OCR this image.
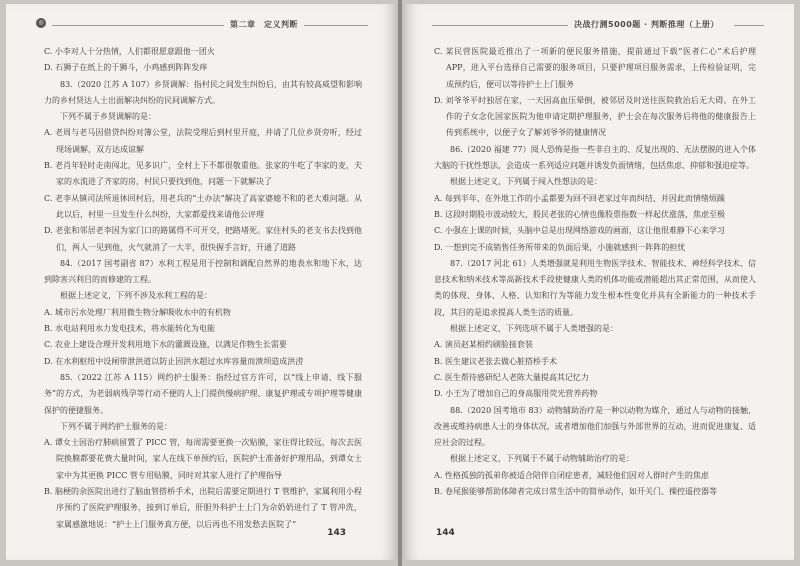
◎	第二章　定义判断

C. 小李对人十分热情，人们都很愿意跟他一团火

D. 石狮子在纸上的于狮斗，小鸡感到阵阵发痒

83.（2020 江苏 A 107）乡贤调解：指村民之间发生纠纷后，由其有较高威望和影响力的乡村贤达人士出面解决纠纷的民间调解方式。

下列不属于乡贤调解的是：

A. 老周与老马因借贷纠纷对簿公堂，法院受理后到村里开庭，并请了几位乡贤旁听，经过现场调解，双方达成谅解

B. 老肖年轻时走南闯北，见多识广，全村上下不都很敬重他。张家的牛吃了李家的麦，夫家的水流进了齐家的房，村民只要找到他，问题一下就解决了

C. 老李从镇司法所退休回村后，用老兵的“土办法”解决了高家婆媳不和的老大难问题。从此以后，村里一旦发生什么纠纷，大家都爱找来请他公评理

D. 老张和邻居老李因为家门口的路属得不可开交，把路堵死。家住村头的老支书去找到他们，两人一见到他，火气就消了一大半，很快握手言好，开通了道路

84.（2017 国考副省 87）水利工程是用于控制和调配自然界的地表水和地下水，达到除害兴利目的而修建的工程。

根据上述定义，下列不涉及水利工程的是：

A. 城市污水处理厂利用微生物分解吸收水中的有机物

B. 水电站利用水力发电技术，将水能转化为电能

C. 农业上建设合理开发利用地下水的灌溉设施，以满足作物生长需要

D. 在水利枢纽中设闸带泄洪道以防止因洪水超过水库容量而溃坝造成洪涝

85.（2022 江苏 A 115）网约护士服务：指经过官方许可，以“线上申请、线下服务”的方式，为老弱病残孕等行动不便的人上门提供慢病护理、康复护理或专项护理等健康保护的便捷服务。

下列不属于网约护士服务的是：

A. 谭女士因治疗肺病留置了 PICC 管，每周需要更换一次贴膜，家住得比较远，每次去医院换膜都要花费大量时间，家人在线下单预约后，医院护士准备好护理用品，到谭女士家中为其更换 PICC 管专用贴膜，同时对其家人进行了护理指导

B. 脑梗的余医院出进行了脑血管搭桥手术，出院后需要定期进行 T 管维护，家属利用小程序预约了医院护理服务，接到订单后，肝胆外科护士上门为佘奶奶进行了 T 管冲洗，家属感激地说：“护士上门服务真方便，以后再也不用发愁去医院了”

143
决战行测5000题 · 判断推理（上册）

C. 某民营医院最近推出了一项新的便民服务措施，提前通过下载“医者仁心”术后护理 APP，进入平台选择自己需要的服务项目，只要护理项目服务需求，上传检验证明，完成预约后，便可以等待护士上门服务

D. 刘爷爷平时独居在家，一天因高血压晕倒，被邻居及时送往医院救治后无大碍。在外工作的子女念化国家医院为他申请定期护理服务，护士会在每次服务后将他的健康报告上传到系统中，以便子女了解刘爷爷的健康情况

86.（2020 福建 77）阅人恐怖是指一些非自主的、反复出现的、无法摆脱的进入个体大脑的干扰性想法，会造成一系列适应问题并诱发负面情绪，包括焦虑、抑郁和强迫症等。

根据上述定义，下列属于闯入性想法的是：

A. 每到半年，在外地工作的小孟都要为回不回老家过年而纠结，并因此而情绪烦躁

B. 这段时期股市波动较大，股民老张的心情也像股票指数一样起伏涨落，焦虑至极

C. 小强在上课的时候，头脑中总是出现网络游戏的画面，这让他很难静下心来学习

D. 一想到完不成销售任务所带来的负面后果，小施就感到一阵阵的担忧

87.（2017 河北 61）人类增强就是利用生物医学技术、智能技术、神经科学技术、信息技术和纳米技术等高新技术手段使健康人类的机体功能或潜能超出其正常范围，从而使人类的体现、身体、人格、认知和行为等能力发生根本性变化并具有全新能力的一种技术手段，其目的是追求提高人类生活的质量。

根据上述定义，下列选项不属于人类增强的是：

A. 演员赵某相约刷脸接套装

B. 医生建议老张去做心脏搭桥手术

C. 医生帮待感研纪人老陈大量提高其记忆力

D. 小王为了增加自己的身高服用荧光营养药物

88.（2020 国考地市 83）动物辅助治疗是一种以动物为媒介，通过人与动物的接触，改善或维持病患人士的身体状况，或者增加他们加强与外部世界的互动，进而促进康复、适应社会的过程。

根据上述定义，下列属于不属于动物辅助治疗的是：

A. 性格孤独的孤弟你被适合陪伴自闭症患者，减轻他们因对人群时产生的焦虑

B. 卷尾猴能够帮助体障者完成日常生活中的简单动作，如开关门、操控遥控器等

144
